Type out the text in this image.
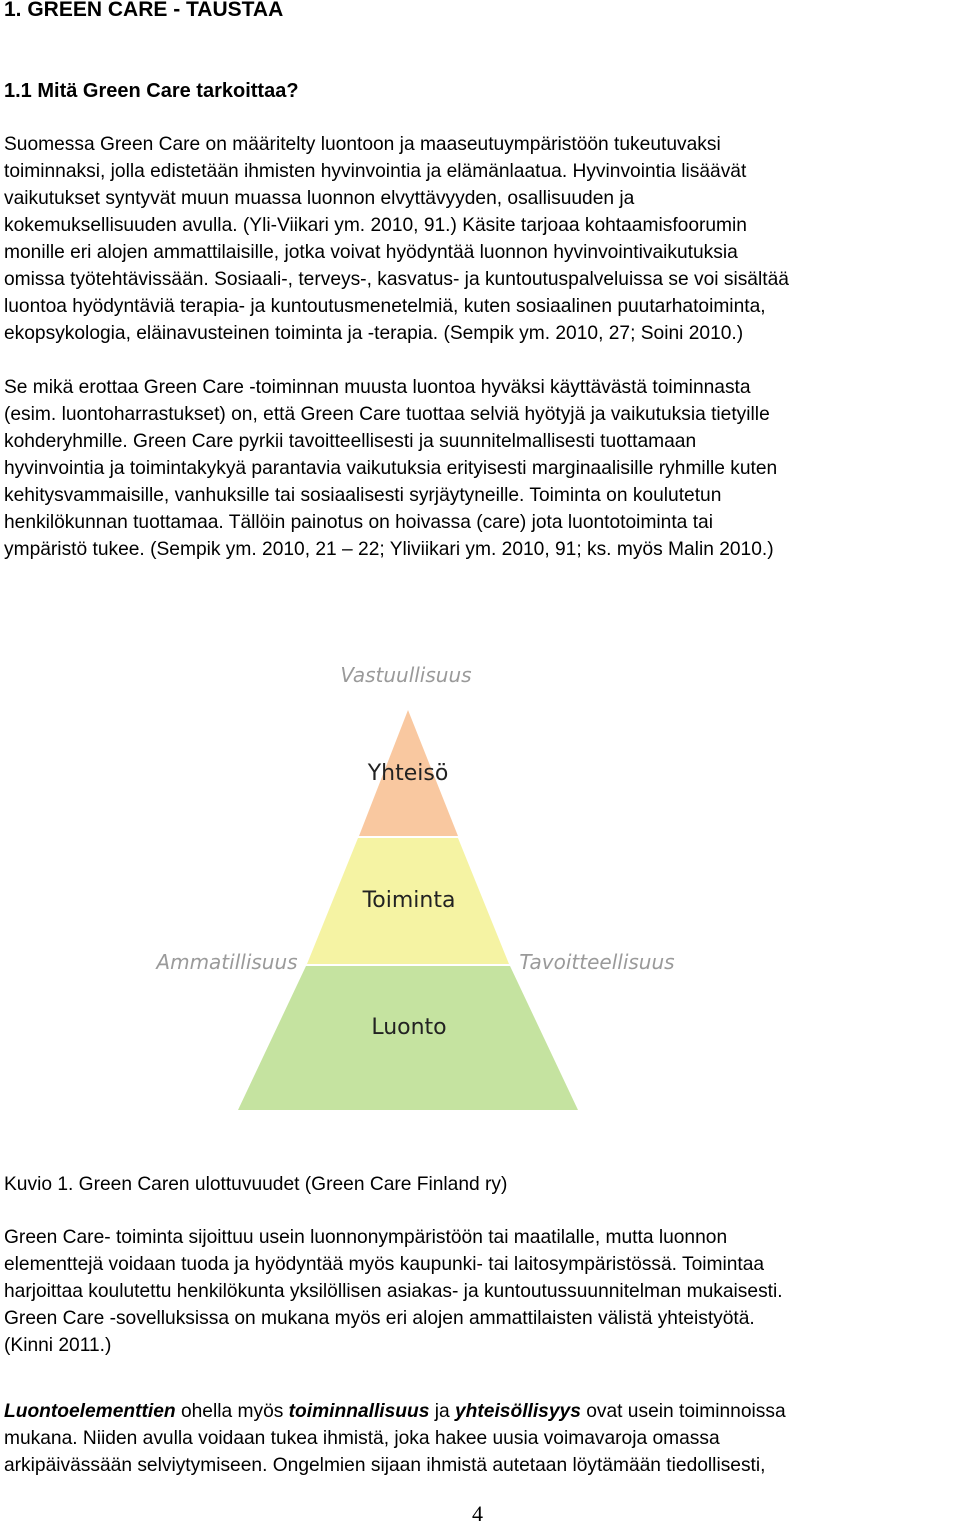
1. GREEN CARE - TAUSTAA
1.1 Mitä Green Care tarkoittaa?
Suomessa Green Care on määritelty luontoon ja maaseutuympäristöön tukeutuvaksi
toiminnaksi, jolla edistetään ihmisten hyvinvointia ja elämänlaatua. Hyvinvointia lisäävät
vaikutukset syntyvät muun muassa luonnon elvyttävyyden, osallisuuden ja
kokemuksellisuuden avulla. (Yli-Viikari ym. 2010, 91.) Käsite tarjoaa kohtaamisfoorumin
monille eri alojen ammattilaisille, jotka voivat hyödyntää luonnon hyvinvointivaikutuksia
omissa työtehtävissään. Sosiaali-, terveys-, kasvatus- ja kuntoutuspalveluissa se voi sisältää
luontoa hyödyntäviä terapia- ja kuntoutusmenetelmiä, kuten sosiaalinen puutarhatoiminta,
ekopsykologia, eläinavusteinen toiminta ja -terapia. (Sempik ym. 2010, 27; Soini 2010.)
Se mikä erottaa Green Care -toiminnan muusta luontoa hyväksi käyttävästä toiminnasta
(esim. luontoharrastukset) on, että Green Care tuottaa selviä hyötyjä ja vaikutuksia tietyille
kohderyhmille. Green Care pyrkii tavoitteellisesti ja suunnitelmallisesti tuottamaan
hyvinvointia ja toimintakykyä parantavia vaikutuksia erityisesti marginaalisille ryhmille kuten
kehitysvammaisille, vanhuksille tai sosiaalisesti syrjäytyneille. Toiminta on koulutetun
henkilökunnan tuottamaa. Tällöin painotus on hoivassa (care) jota luontotoiminta tai
ympäristö tukee. (Sempik ym. 2010, 21 – 22; Yliviikari ym. 2010, 91; ks. myös Malin 2010.)
Vastuullisuus
Yhteisö
Toiminta
Ammatillisuus	Tavoitteellisuus
Luonto
Kuvio 1. Green Caren ulottuvuudet (Green Care Finland ry)
Green Care- toiminta sijoittuu usein luonnonympäristöön tai maatilalle, mutta luonnon
elementtejä voidaan tuoda ja hyödyntää myös kaupunki- tai laitosympäristössä. Toimintaa
harjoittaa koulutettu henkilökunta yksilöllisen asiakas- ja kuntoutussuunnitelman mukaisesti.
Green Care -sovelluksissa on mukana myös eri alojen ammattilaisten välistä yhteistyötä.
(Kinni 2011.)
Luontoelementtien ohella myös toiminnallisuus ja yhteisöllisyys ovat usein toiminnoissa
mukana. Niiden avulla voidaan tukea ihmistä, joka hakee uusia voimavaroja omassa
arkipäivässään selviytymiseen. Ongelmien sijaan ihmistä autetaan löytämään tiedollisesti,
4
